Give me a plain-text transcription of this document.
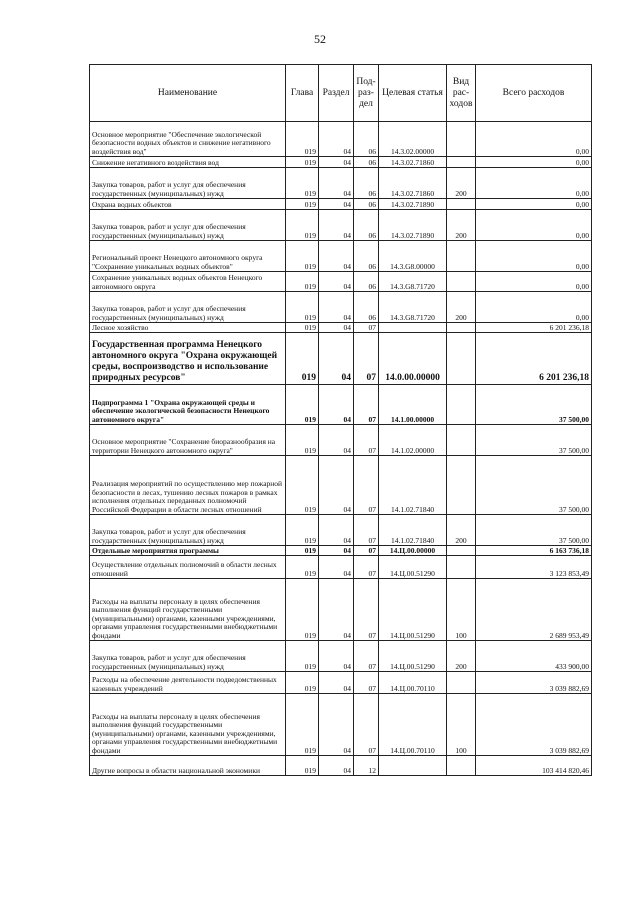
52
Наименование	Глава	Раздел	Под-раз-дел	Целевая статья	Вид рас-ходов	Всего расходов
Основное мероприятие "Обеспечение экологической безопасности водных объектов и снижение негативного воздействия вод"	019	04	06	14.3.02.00000		0,00
Снижение негативного воздействия вод	019	04	06	14.3.02.71860		0,00
Закупка товаров, работ и услуг для обеспечения государственных (муниципальных) нужд	019	04	06	14.3.02.71860	200	0,00
Охрана водных объектов	019	04	06	14.3.02.71890		0,00
Закупка товаров, работ и услуг для обеспечения государственных (муниципальных) нужд	019	04	06	14.3.02.71890	200	0,00
Региональный проект Ненецкого автономного округа "Сохранение уникальных водных объектов"	019	04	06	14.3.G8.00000		0,00
Сохранение уникальных водных объектов Ненецкого автономного округа	019	04	06	14.3.G8.71720		0,00
Закупка товаров, работ и услуг для обеспечения государственных (муниципальных) нужд	019	04	06	14.3.G8.71720	200	0,00
Лесное хозяйство	019	04	07			6 201 236,18
Государственная программа Ненецкого автономного округа "Охрана окружающей среды, воспроизводство и использование природных ресурсов"	019	04	07	14.0.00.00000		6 201 236,18
Подпрограмма 1 "Охрана окружающей среды и обеспечение экологической безопасности Ненецкого автономного округа"	019	04	07	14.1.00.00000		37 500,00
Основное мероприятие "Сохранение биоразнообразия на территории Ненецкого автономного округа"	019	04	07	14.1.02.00000		37 500,00
Реализация мероприятий по осуществлению мер пожарной безопасности в лесах, тушению лесных пожаров в рамках исполнения отдельных переданных полномочий Российской Федерации в области лесных отношений	019	04	07	14.1.02.71840		37 500,00
Закупка товаров, работ и услуг для обеспечения государственных (муниципальных) нужд	019	04	07	14.1.02.71840	200	37 500,00
Отдельные мероприятия программы	019	04	07	14.Ц.00.00000		6 163 736,18
Осуществление отдельных полномочий в области лесных отношений	019	04	07	14.Ц.00.51290		3 123 853,49
Расходы на выплаты персоналу в целях обеспечения выполнения функций государственными (муниципальными) органами, казенными учреждениями, органами управления государственными внебюджетными фондами	019	04	07	14.Ц.00.51290	100	2 689 953,49
Закупка товаров, работ и услуг для обеспечения государственных (муниципальных) нужд	019	04	07	14.Ц.00.51290	200	433 900,00
Расходы на обеспечение деятельности подведомственных казенных учреждений	019	04	07	14.Ц.00.70110		3 039 882,69
Расходы на выплаты персоналу в целях обеспечения выполнения функций государственными (муниципальными) органами, казенными учреждениями, органами управления государственными внебюджетными фондами	019	04	07	14.Ц.00.70110	100	3 039 882,69
Другие вопросы в области национальной экономики	019	04	12			103 414 820,46
